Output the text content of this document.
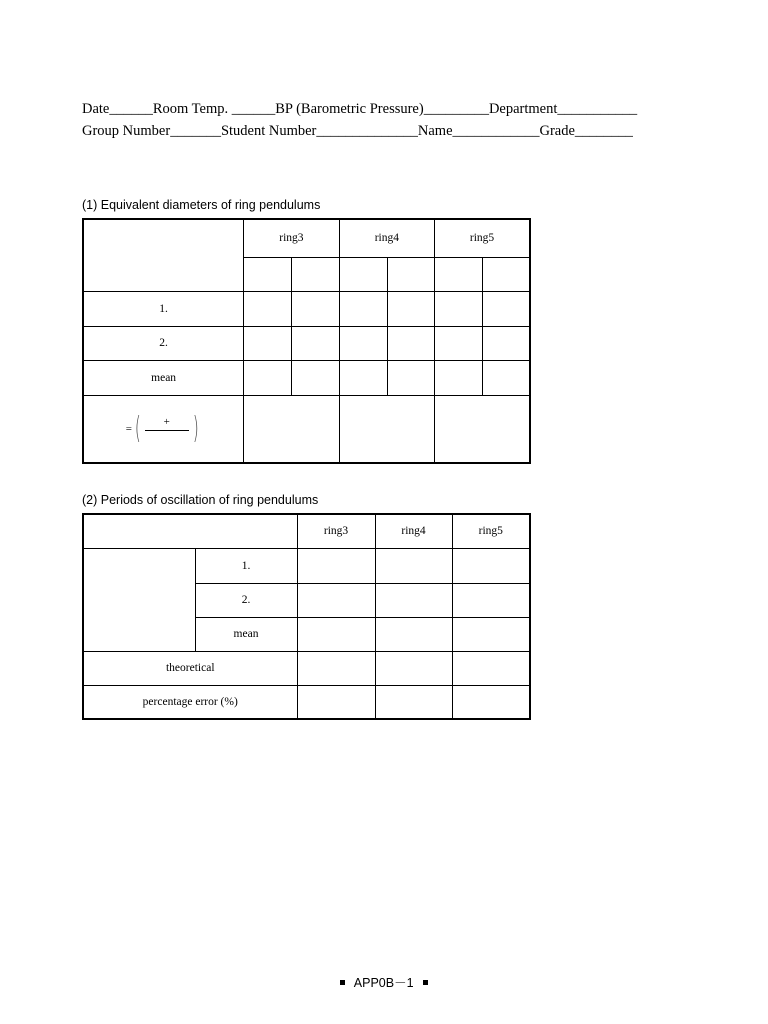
Date______Room Temp. ______BP (Barometric Pressure)_________Department___________
Group Number_______Student Number______________Name____________Grade________
(1) Equivalent diameters of ring pendulums
	ring3		ring4		ring5	

1.						
2.						
mean						

= ( + )						

(2) Periods of oscillation of ring pendulums
		ring3	ring4	ring5
	1.			
	2.			
	mean			
theoretical				
percentage error (%)				
APP0B－1
